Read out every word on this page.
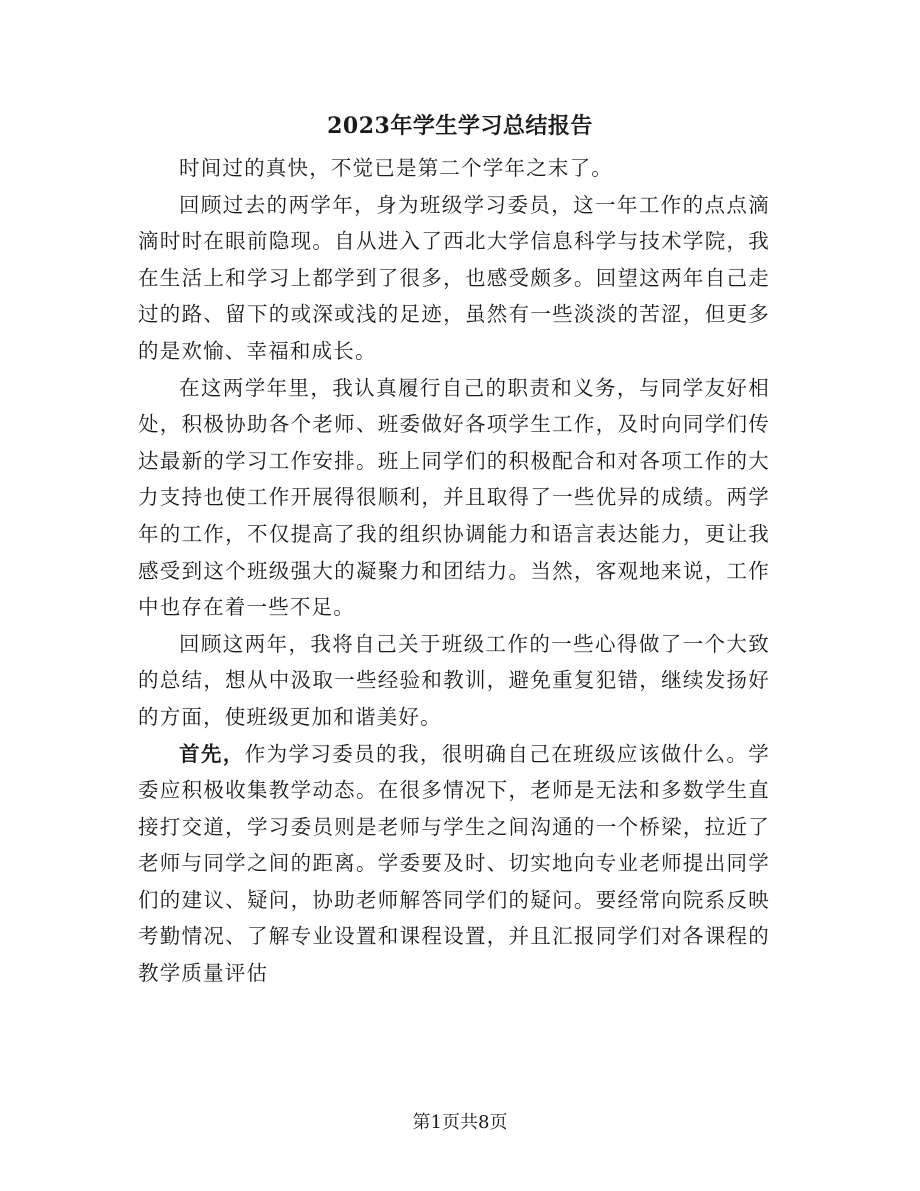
2023年学生学习总结报告

时间过的真快，不觉已是第二个学年之末了。

回顾过去的两学年，身为班级学习委员，这一年工作的点点滴滴时时在眼前隐现。自从进入了西北大学信息科学与技术学院，我在生活上和学习上都学到了很多，也感受颇多。回望这两年自己走过的路、留下的或深或浅的足迹，虽然有一些淡淡的苦涩，但更多的是欢愉、幸福和成长。

在这两学年里，我认真履行自己的职责和义务，与同学友好相处，积极协助各个老师、班委做好各项学生工作，及时向同学们传达最新的学习工作安排。班上同学们的积极配合和对各项工作的大力支持也使工作开展得很顺利，并且取得了一些优异的成绩。两学年的工作，不仅提高了我的组织协调能力和语言表达能力，更让我感受到这个班级强大的凝聚力和团结力。当然，客观地来说，工作中也存在着一些不足。

回顾这两年，我将自己关于班级工作的一些心得做了一个大致的总结，想从中汲取一些经验和教训，避免重复犯错，继续发扬好的方面，使班级更加和谐美好。

首先，作为学习委员的我，很明确自己在班级应该做什么。学委应积极收集教学动态。在很多情况下，老师是无法和多数学生直接打交道，学习委员则是老师与学生之间沟通的一个桥梁，拉近了老师与同学之间的距离。学委要及时、切实地向专业老师提出同学们的建议、疑问，协助老师解答同学们的疑问。要经常向院系反映考勤情况、了解专业设置和课程设置，并且汇报同学们对各课程的教学质量评估

第1页共8页
